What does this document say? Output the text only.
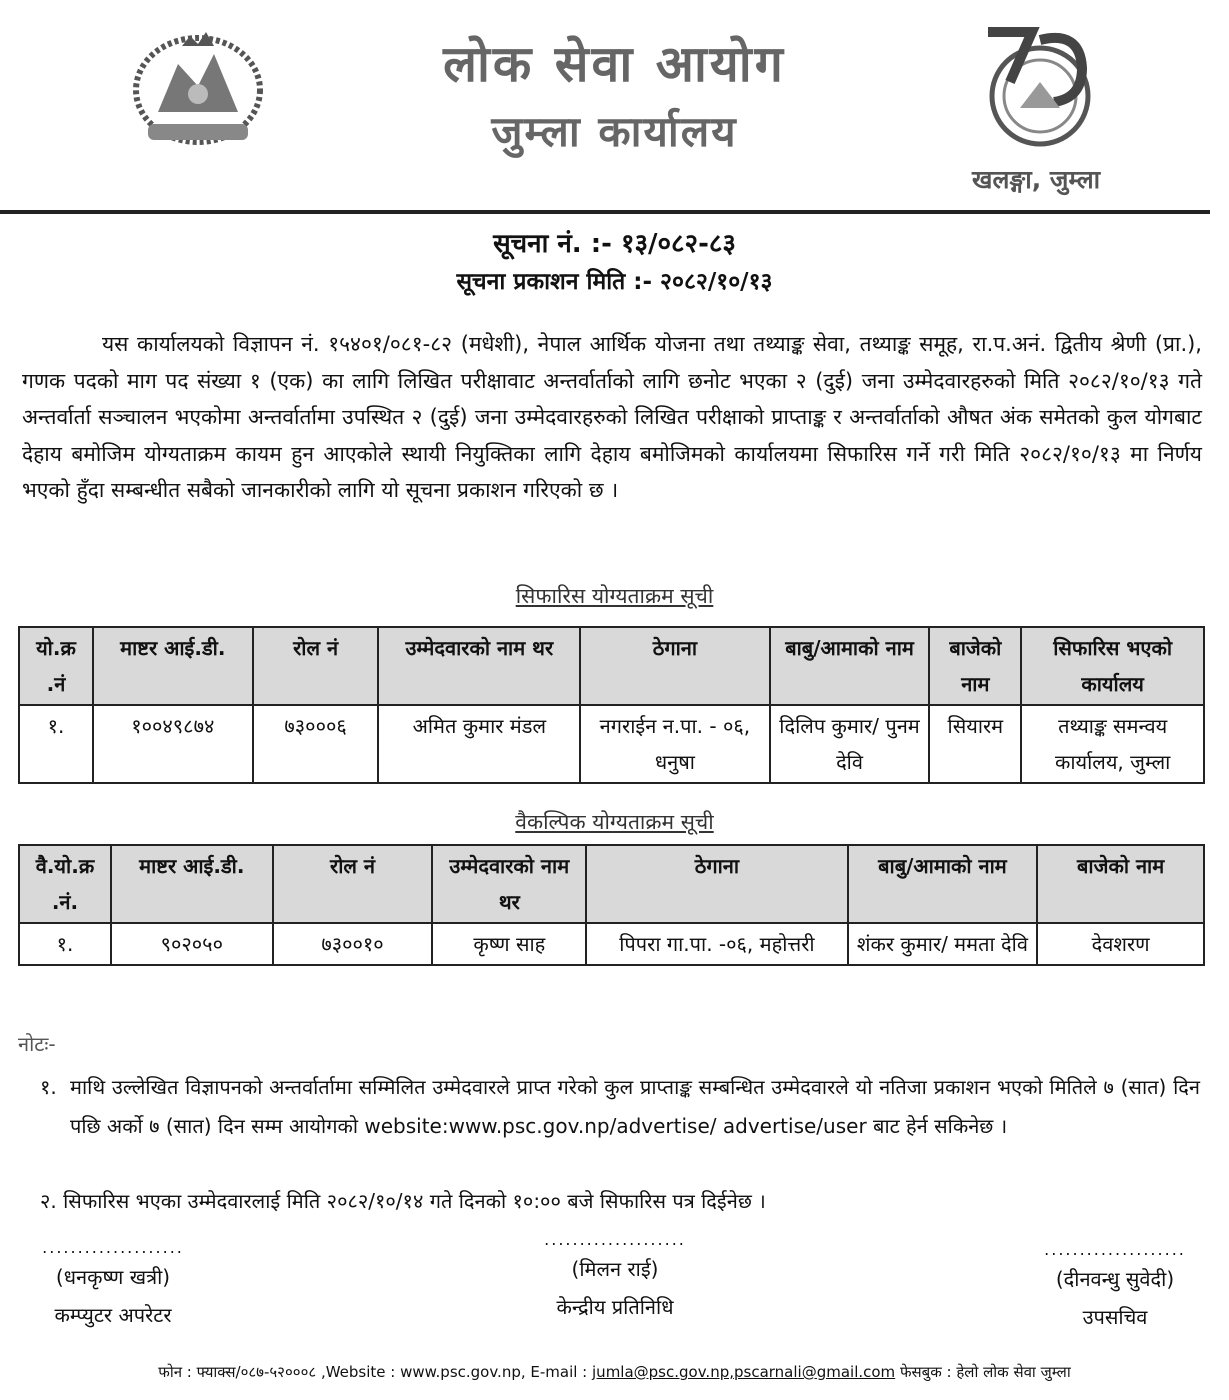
लोक सेवा आयोग
जुम्ला कार्यालय
खलङ्गा, जुम्ला
सूचना नं. :- १३/०८२-८३
सूचना प्रकाशन मिति :- २०८२/१०/१३
यस कार्यालयको विज्ञापन नं. १५४०१/०८१-८२ (मधेशी), नेपाल आर्थिक योजना तथा तथ्याङ्क सेवा, तथ्याङ्क समूह, रा.प.अनं. द्वितीय श्रेणी (प्रा.), गणक पदको माग पद संख्या १ (एक) का लागि लिखित परीक्षावाट अन्तर्वार्ताको लागि छनोट भएका २ (दुई) जना उम्मेदवारहरुको मिति २०८२/१०/१३ गते अन्तर्वार्ता सञ्चालन भएकोमा अन्तर्वार्तामा उपस्थित २ (दुई) जना उम्मेदवारहरुको लिखित परीक्षाको प्राप्ताङ्क र अन्तर्वार्ताको औषत अंक समेतको कुल योगबाट देहाय बमोजिम योग्यताक्रम कायम हुन आएकोले स्थायी नियुक्तिका लागि देहाय बमोजिमको कार्यालयमा सिफारिस गर्ने गरी मिति २०८२/१०/१३ मा निर्णय भएको हुँदा सम्बन्धीत सबैको जानकारीको लागि यो सूचना प्रकाशन गरिएको छ ।
सिफारिस योग्यताक्रम सूची
यो.क्र .नं	माष्टर आई.डी.	रोल नं	उम्मेदवारको नाम थर	ठेगाना	बाबु/आमाको नाम	बाजेको नाम	सिफारिस भएको कार्यालय
१.	१००४९८७४	७३०००६	अमित कुमार मंडल	नगराईन न.पा. - ०६, धनुषा	दिलिप कुमार/ पुनम देवि	सियारम	तथ्याङ्क समन्वय कार्यालय, जुम्ला
वैकल्पिक योग्यताक्रम सूची
वै.यो.क्र .नं.	माष्टर आई.डी.	रोल नं	उम्मेदवारको नाम थर	ठेगाना	बाबु/आमाको नाम	बाजेको नाम
१.	९०२०५०	७३००१०	कृष्ण साह	पिपरा गा.पा. -०६, महोत्तरी	शंकर कुमार/ ममता देवि	देवशरण
नोटः-
१. माथि उल्लेखित विज्ञापनको अन्तर्वार्तामा सम्मिलित उम्मेदवारले प्राप्त गरेको कुल प्राप्ताङ्क सम्बन्धित उम्मेदवारले यो नतिजा प्रकाशन भएको मितिले ७ (सात) दिन पछि अर्को ७ (सात) दिन सम्म आयोगको website:www.psc.gov.np/advertise/ advertise/user बाट हेर्न सकिनेछ ।
२. सिफारिस भएका उम्मेदवारलाई मिति २०८२/१०/१४ गते दिनको १०:०० बजे सिफारिस पत्र दिईनेछ ।
....................
(धनकृष्ण खत्री)
कम्प्युटर अपरेटर
....................
(मिलन राई)
केन्द्रीय प्रतिनिधि
....................
(दीनवन्धु सुवेदी)
उपसचिव
फोन : फ्याक्स/०८७-५२०००८ ,Website : www.psc.gov.np, E-mail : jumla@psc.gov.np,pscarnali@gmail.com फेसबुक : हेलो लोक सेवा जुम्ला
